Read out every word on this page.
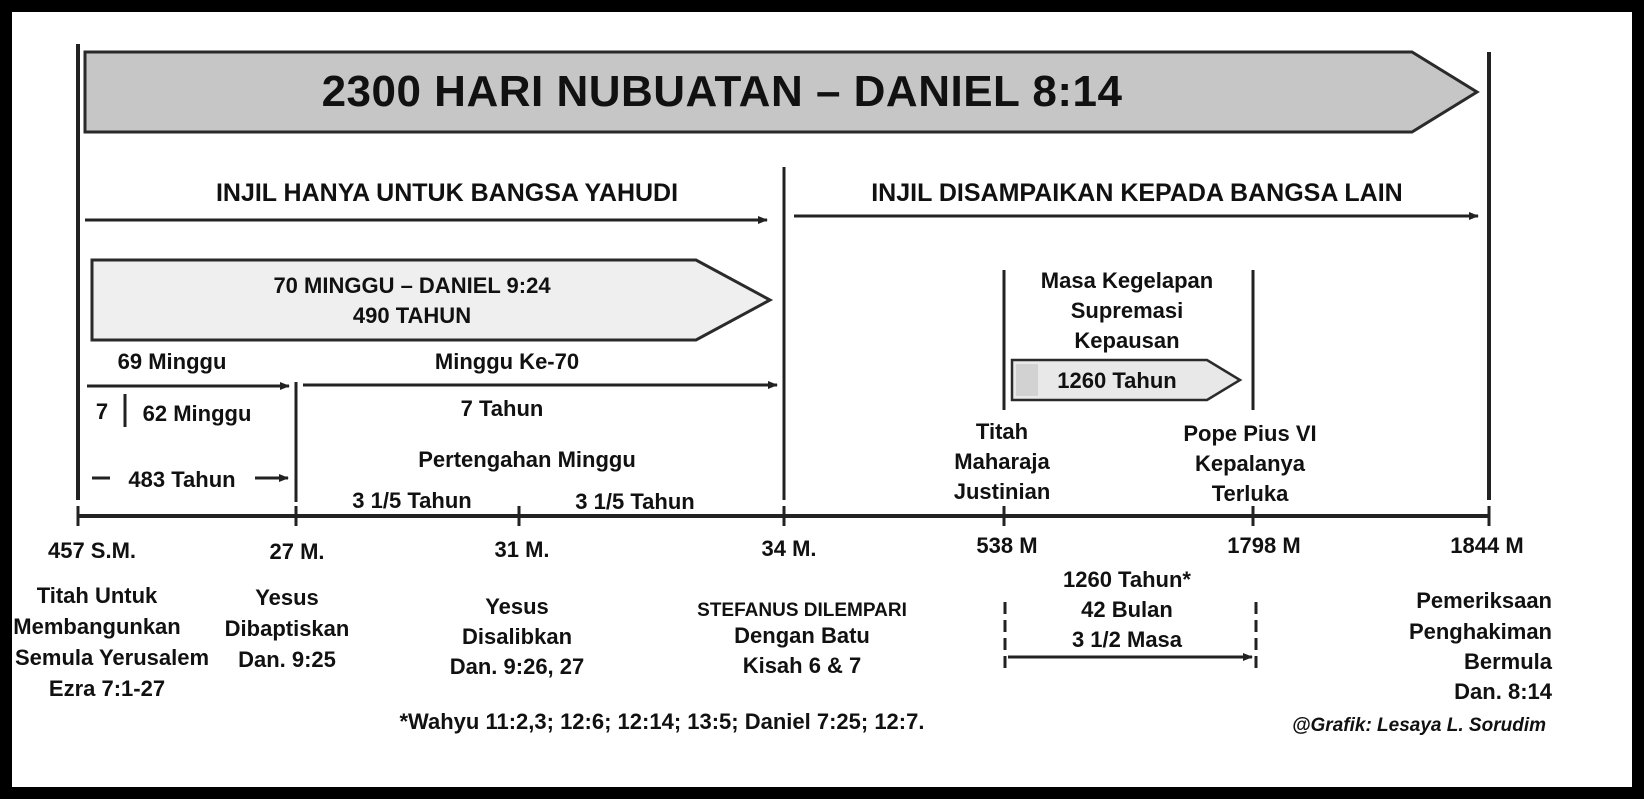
2300 HARI NUBUATAN – DANIEL 8:14
INJIL HANYA UNTUK BANGSA YAHUDI	INJIL DISAMPAIKAN KEPADA BANGSA LAIN
70 MINGGU – DANIEL 9:24
490 TAHUN
69 Minggu
7	62 Minggu
483 Tahun
Minggu Ke-70
7 Tahun
Pertengahan Minggu
3 1/5 Tahun	3 1/5 Tahun
Masa Kegelapan
Supremasi
Kepausan
1260 Tahun
Titah
Maharaja
Justinian
Pope Pius VI
Kepalanya
Terluka
457 S.M.	27 M.	31 M.	34 M.	538 M	1798 M	1844 M
Titah Untuk
Membangunkan
Semula Yerusalem
Ezra 7:1-27
Yesus
Dibaptiskan
Dan. 9:25
Yesus
Disalibkan
Dan. 9:26, 27
STEFANUS DILEMPARI
Dengan Batu
Kisah 6 & 7
1260 Tahun*
42 Bulan
3 1/2 Masa
Pemeriksaan
Penghakiman
Bermula
Dan. 8:14
*Wahyu 11:2,3; 12:6; 12:14; 13:5; Daniel 7:25; 12:7.	@Grafik: Lesaya L. Sorudim
